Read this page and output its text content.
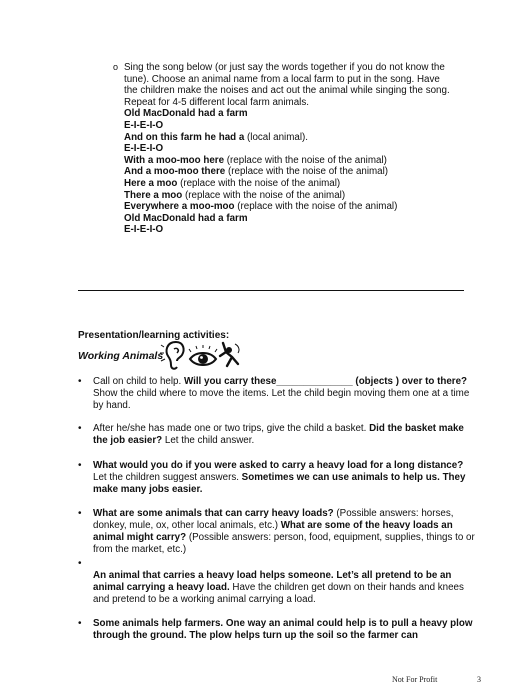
o Sing the song below (or just say the words together if you do not know the tune). Choose an animal name from a local farm to put in the song. Have the children make the noises and act out the animal while singing the song. Repeat for 4-5 different local farm animals.
Old MacDonald had a farm
E-I-E-I-O
And on this farm he had a (local animal).
E-I-E-I-O
With a moo-moo here (replace with the noise of the animal)
And a moo-moo there (replace with the noise of the animal)
Here a moo (replace with the noise of the animal)
There a moo (replace with the noise of the animal)
Everywhere a moo-moo (replace with the noise of the animal)
Old MacDonald had a farm
E-I-E-I-O
Presentation/learning activities:
Working Animals
• Call on child to help. Will you carry these______________ (objects ) over to there? Show the child where to move the items. Let the child begin moving them one at a time by hand.
• After he/she has made one or two trips, give the child a basket. Did the basket make the job easier? Let the child answer.
• What would you do if you were asked to carry a heavy load for a long distance? Let the children suggest answers. Sometimes we can use animals to help us. They make many jobs easier.
• What are some animals that can carry heavy loads? (Possible answers: horses, donkey, mule, ox, other local animals, etc.) What are some of the heavy loads an animal might carry? (Possible answers: person, food, equipment, supplies, things to or from the market, etc.)
•
An animal that carries a heavy load helps someone. Let’s all pretend to be an animal carrying a heavy load. Have the children get down on their hands and knees and pretend to be a working animal carrying a load.
• Some animals help farmers. One way an animal could help is to pull a heavy plow through the ground. The plow helps turn up the soil so the farmer can
Not For Profit	3
